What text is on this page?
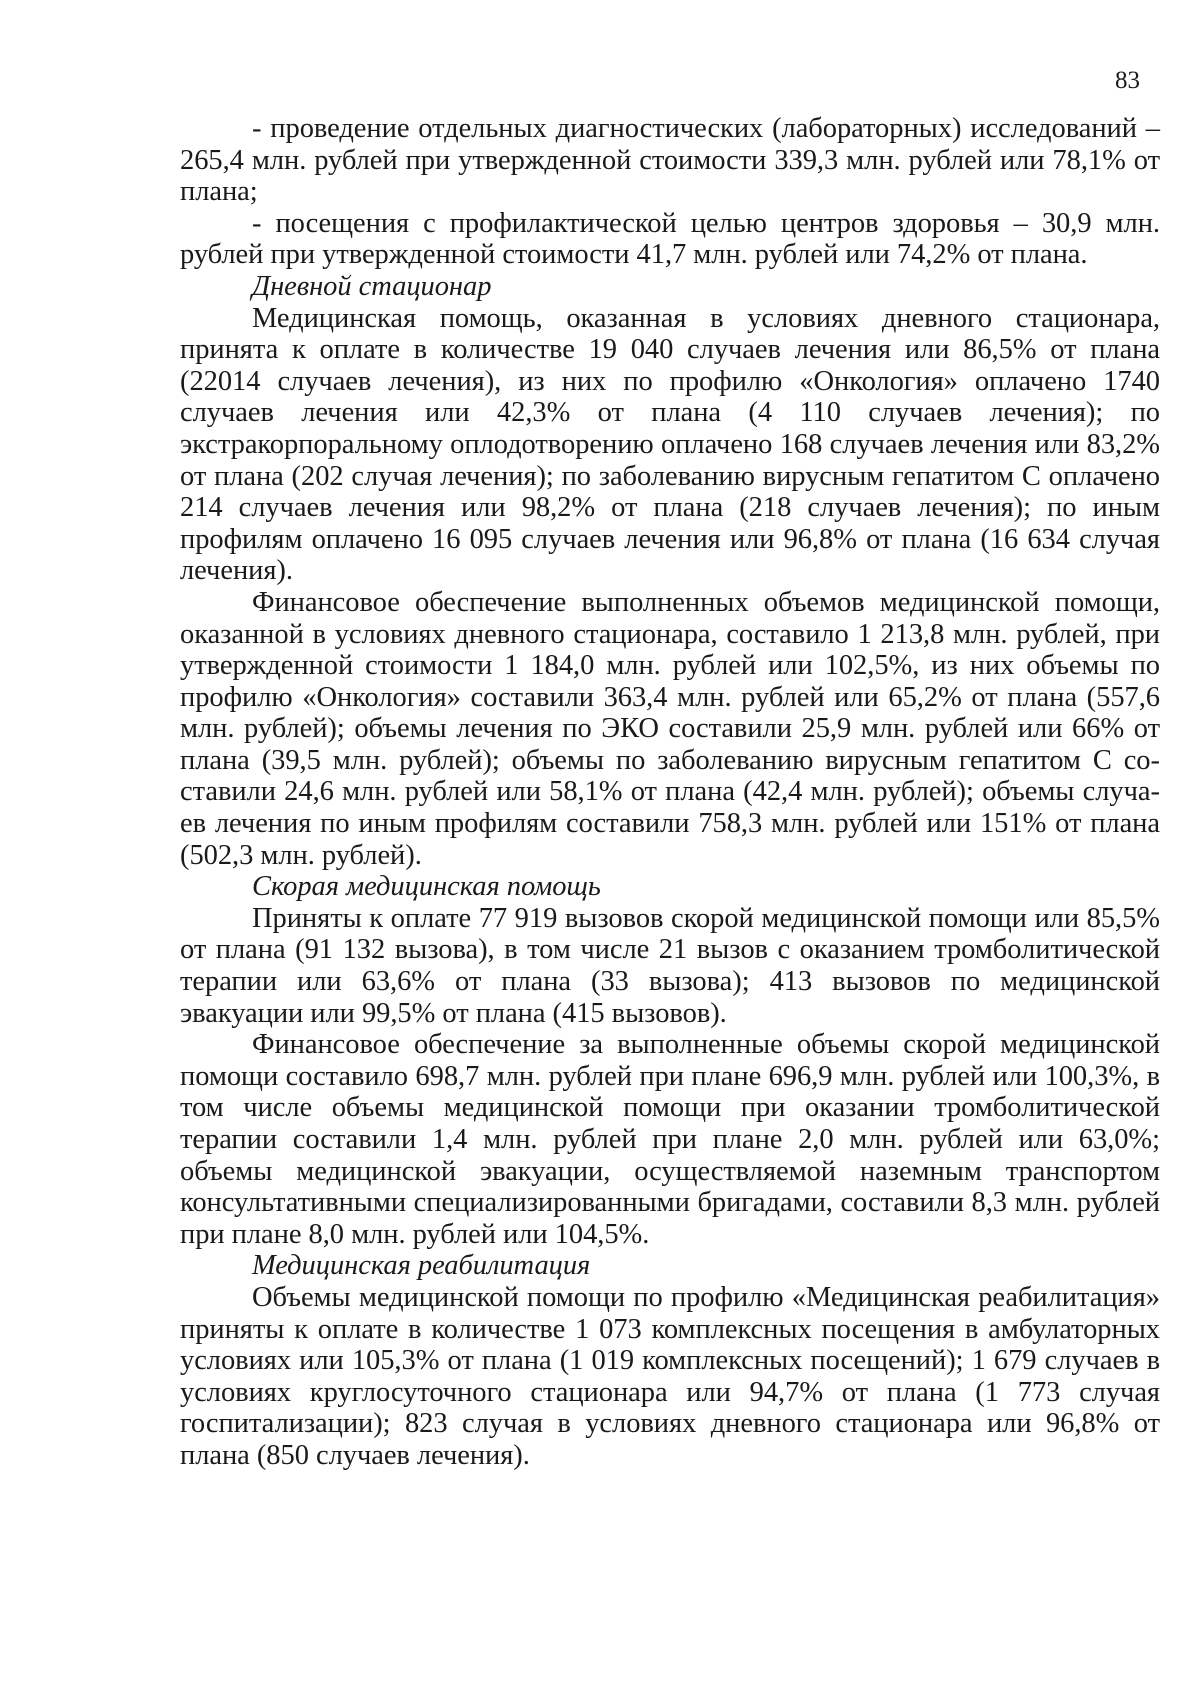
83

- проведение отдельных диагностических (лабораторных) исследований – 265,4 млн. рублей при утвержденной стоимости 339,3 млн. рублей или 78,1% от плана;

- посещения с профилактической целью центров здоровья – 30,9 млн. рублей при утвержденной стоимости 41,7 млн. рублей или 74,2% от плана.

Дневной стационар

Медицинская помощь, оказанная в условиях дневного стационара, принята к оплате в количестве 19 040 случаев лечения или 86,5% от плана (22014 случаев лечения), из них по профилю «Онкология» оплачено 1740 случаев лечения или 42,3% от плана (4 110 случаев лечения); по экстракорпоральному оплодотворению оплачено 168 случаев лечения или 83,2% от плана (202 случая лечения); по заболеванию вирусным гепатитом С оплачено 214 случаев лечения или 98,2% от плана (218 случаев лечения); по иным профилям оплачено 16 095 случаев лечения или 96,8% от плана (16 634 случая лечения).

Финансовое обеспечение выполненных объемов медицинской помощи, оказанной в условиях дневного стационара, составило 1 213,8 млн. рублей, при утвержденной стоимости 1 184,0 млн. рублей или 102,5%, из них объемы по профилю «Онкология» составили 363,4 млн. рублей или 65,2% от плана (557,6 млн. рублей); объемы лечения по ЭКО составили 25,9 млн. рублей или 66% от плана (39,5 млн. рублей); объемы по заболеванию вирусным гепатитом С составили 24,6 млн. рублей или 58,1% от плана (42,4 млн. рублей); объемы случаев лечения по иным профилям составили 758,3 млн. рублей или 151% от плана (502,3 млн. рублей).

Скорая медицинская помощь

Приняты к оплате 77 919 вызовов скорой медицинской помощи или 85,5% от плана (91 132 вызова), в том числе 21 вызов с оказанием тромболитической терапии или 63,6% от плана (33 вызова); 413 вызовов по медицинской эвакуации или 99,5% от плана (415 вызовов).

Финансовое обеспечение за выполненные объемы скорой медицинской помощи составило 698,7 млн. рублей при плане 696,9 млн. рублей или 100,3%, в том числе объемы медицинской помощи при оказании тромболитической терапии составили 1,4 млн. рублей при плане 2,0 млн. рублей или 63,0%; объемы медицинской эвакуации, осуществляемой наземным транспортом консультативными специализированными бригадами, составили 8,3 млн. рублей при плане 8,0 млн. рублей или 104,5%.

Медицинская реабилитация

Объемы медицинской помощи по профилю «Медицинская реабилитация» приняты к оплате в количестве 1 073 комплексных посещения в амбулаторных условиях или 105,3% от плана (1 019 комплексных посещений); 1 679 случаев в условиях круглосуточного стационара или 94,7% от плана (1 773 случая госпитализации); 823 случая в условиях дневного стационара или 96,8% от плана (850 случаев лечения).
